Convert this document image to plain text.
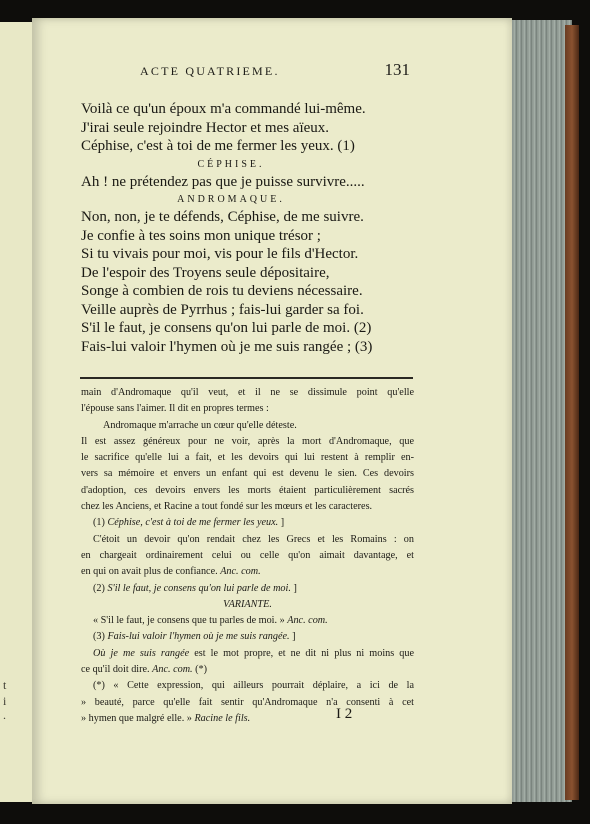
t
i
.
ACTE QUATRIEME.	131
Voilà ce qu'un époux m'a commandé lui-même.
J'irai seule rejoindre Hector et mes aïeux.
Céphise, c'est à toi de me fermer les yeux. (1)
CÉPHISE.
Ah ! ne prétendez pas que je puisse survivre.....
ANDROMAQUE.
Non, non, je te défends, Céphise, de me suivre.
Je confie à tes soins mon unique trésor ;
Si tu vivais pour moi, vis pour le fils d'Hector.
De l'espoir des Troyens seule dépositaire,
Songe à combien de rois tu deviens nécessaire.
Veille auprès de Pyrrhus ; fais-lui garder sa foi.
S'il le faut, je consens qu'on lui parle de moi. (2)
Fais-lui valoir l'hymen où je me suis rangée ; (3)

main d'Andromaque qu'il veut, et il ne se dissimule point qu'elle

l'épouse sans l'aimer. Il dit en propres termes :

Andromaque m'arrache un cœur qu'elle déteste.

Il est assez généreux pour ne voir, après la mort d'Andromaque, que

le sacrifice qu'elle lui a fait, et les devoirs qui lui restent à remplir en-

vers sa mémoire et envers un enfant qui est devenu le sien. Ces devoirs

d'adoption, ces devoirs envers les morts étaient particulièrement sacrés

chez les Anciens, et Racine a tout fondé sur les mœurs et les caracteres.

(1) Céphise, c'est à toi de me fermer les yeux. ]

C'étoit un devoir qu'on rendait chez les Grecs et les Romains : on

en chargeait ordinairement celui ou celle qu'on aimait davantage, et

en qui on avait plus de confiance. Anc. com.

(2) S'il le faut, je consens qu'on lui parle de moi. ]

VARIANTE.

« S'il le faut, je consens que tu parles de moi. » Anc. com.

(3) Fais-lui valoir l'hymen où je me suis rangée. ]

Où je me suis rangée est le mot propre, et ne dit ni plus ni moins que

ce qu'il doit dire. Anc. com. (*)

(*) « Cette expression, qui ailleurs pourrait déplaire, a ici de la

» beauté, parce qu'elle fait sentir qu'Andromaque n'a consenti à cet

» hymen que malgré elle. » Racine le fils.	I 2
